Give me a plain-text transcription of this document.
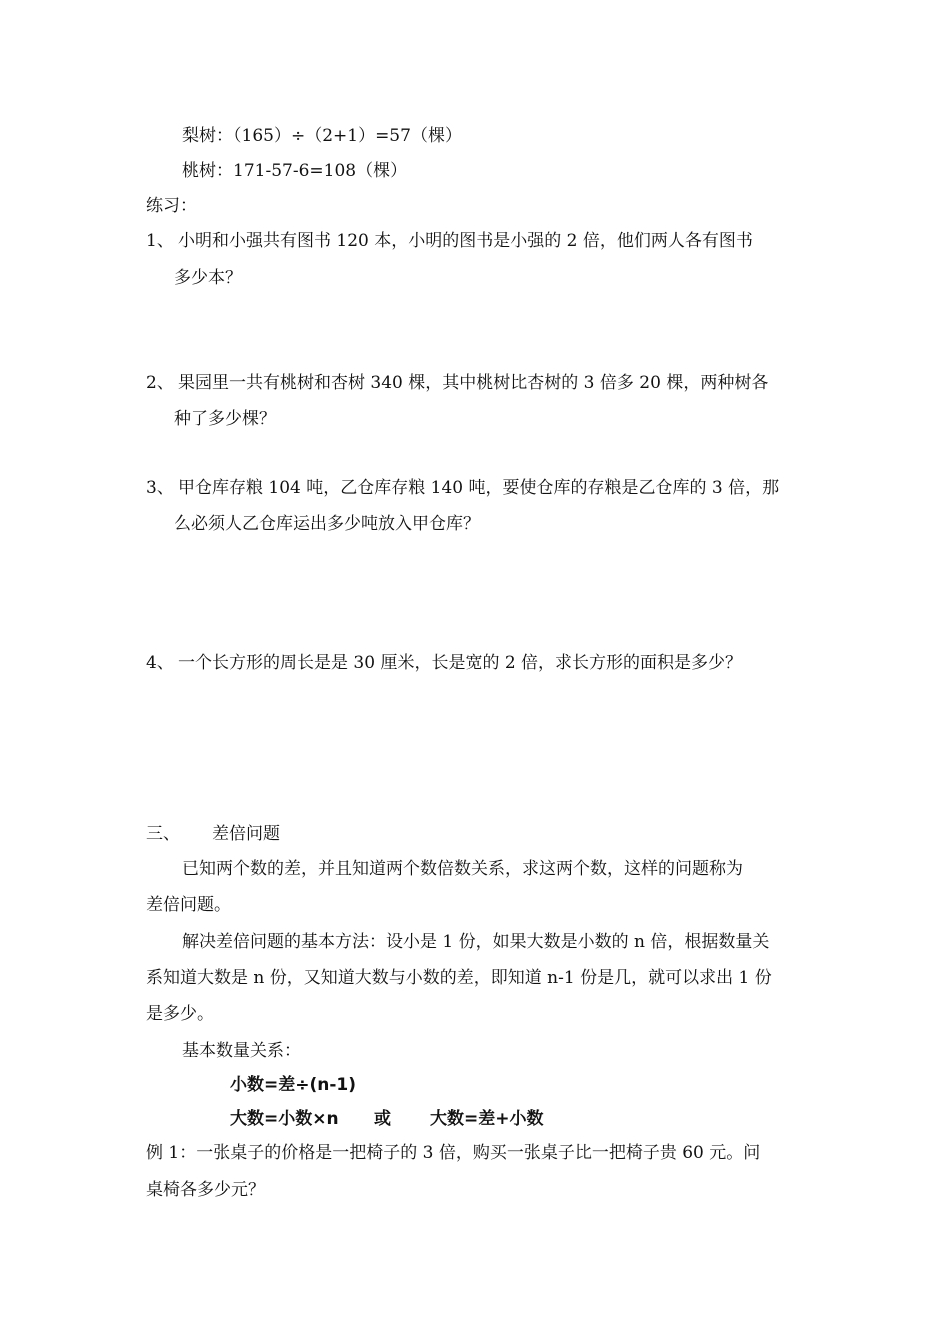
梨树：（165）÷（2+1）=57（棵）
桃树：171-57-6=108（棵）
练习：
1、 小明和小强共有图书 120 本，小明的图书是小强的 2 倍，他们两人各有图书
多少本？
2、 果园里一共有桃树和杏树 340 棵，其中桃树比杏树的 3 倍多 20 棵，两种树各
种了多少棵？
3、 甲仓库存粮 104 吨，乙仓库存粮 140 吨，要使仓库的存粮是乙仓库的 3 倍，那
么必须人乙仓库运出多少吨放入甲仓库？
4、 一个长方形的周长是是 30 厘米，长是宽的 2 倍，求长方形的面积是多少？
三、 差倍问题
已知两个数的差，并且知道两个数倍数关系，求这两个数，这样的问题称为
差倍问题。
解决差倍问题的基本方法：设小是 1 份，如果大数是小数的 n 倍，根据数量关
系知道大数是 n 份，又知道大数与小数的差，即知道 n-1 份是几，就可以求出 1 份
是多少。
基本数量关系：
小数=差÷(n-1)
大数=小数×n 或 大数=差+小数
例 1：一张桌子的价格是一把椅子的 3 倍，购买一张桌子比一把椅子贵 60 元。问
桌椅各多少元？
